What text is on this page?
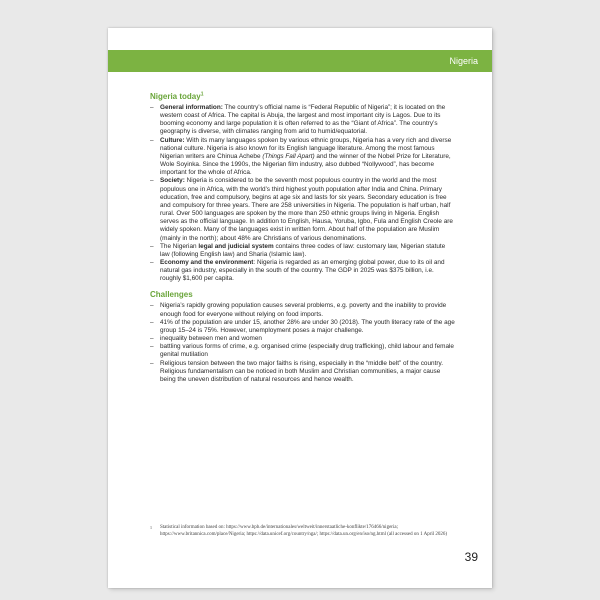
Nigeria
Nigeria today$^1$
– General information: The country’s official name is “Federal Republic of Nigeria”; it is located on the western coast of Africa. The capital is Abuja, the largest and most important city is Lagos. Due to its booming economy and large population it is often referred to as the “Giant of Africa”. The country’s geography is diverse, with climates ranging from arid to humid/equatorial.
– Culture: With its many languages spoken by various ethnic groups, Nigeria has a very rich and diverse national culture. Nigeria is also known for its English language literature. Among the most famous Nigerian writers are Chinua Achebe (Things Fall Apart) and the winner of the Nobel Prize for Literature, Wole Soyinka. Since the 1990s, the Nigerian film industry, also dubbed “Nollywood”, has become important for the whole of Africa.
– Society: Nigeria is considered to be the seventh most populous country in the world and the most populous one in Africa, with the world’s third highest youth population after India and China. Primary education, free and compulsory, begins at age six and lasts for six years. Secondary education is free and compulsory for three years. There are 258 universities in Nigeria. The population is half urban, half rural. Over 500 languages are spoken by the more than 250 ethnic groups living in Nigeria. English serves as the official language. In addition to English, Hausa, Yoruba, Igbo, Fula and English Creole are widely spoken. Many of the languages exist in written form. About half of the population are Muslim (mainly in the north); about 48% are Christians of various denominations.
– The Nigerian legal and judicial system contains three codes of law: customary law, Nigerian statute law (following English law) and Sharia (Islamic law).
– Economy and the environment: Nigeria is regarded as an emerging global power, due to its oil and natural gas industry, especially in the south of the country. The GDP in 2025 was $375 billion, i.e. roughly $1,600 per capita.
Challenges
– Nigeria’s rapidly growing population causes several problems, e.g. poverty and the inability to provide enough food for everyone without relying on food imports.
– 41% of the population are under 15, another 28% are under 30 (2018). The youth literacy rate of the age group 15–24 is 75%. However, unemployment poses a major challenge.
– inequality between men and women
– battling various forms of crime, e.g. organised crime (especially drug trafficking), child labour and female genital mutilation
– Religious tension between the two major faiths is rising, especially in the “middle belt” of the country. Religious fundamentalism can be noticed in both Muslim and Christian communities, a major cause being the uneven distribution of natural resources and hence wealth.
1	Statistical information based on: https://www.bpb.de/internationales/weltweit/innerstaatliche-konflikte/176466/nigeria; https://www.britannica.com/place/Nigeria; https://data.unicef.org/country/nga/; https://data.un.org/en/iso/ng.html (all accessed on 1 April 2026)
39
